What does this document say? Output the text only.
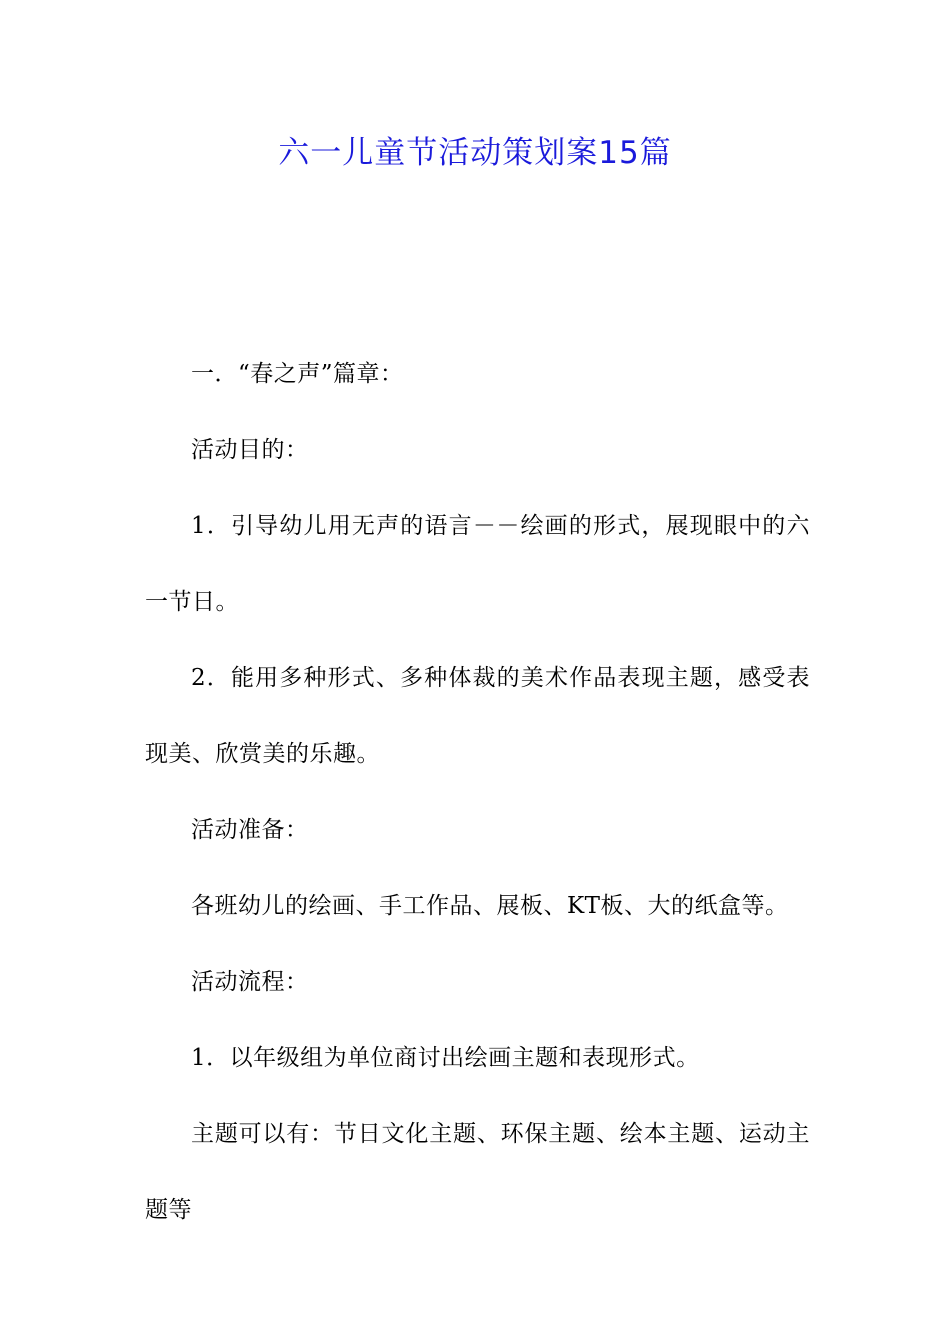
六一儿童节活动策划案15篇

一．“春之声”篇章：

活动目的：

1．引导幼儿用无声的语言－－绘画的形式，展现眼中的六一节日。

2．能用多种形式、多种体裁的美术作品表现主题，感受表现美、欣赏美的乐趣。

活动准备：

各班幼儿的绘画、手工作品、展板、KT板、大的纸盒等。

活动流程：

1．以年级组为单位商讨出绘画主题和表现形式。

主题可以有：节日文化主题、环保主题、绘本主题、运动主题等
